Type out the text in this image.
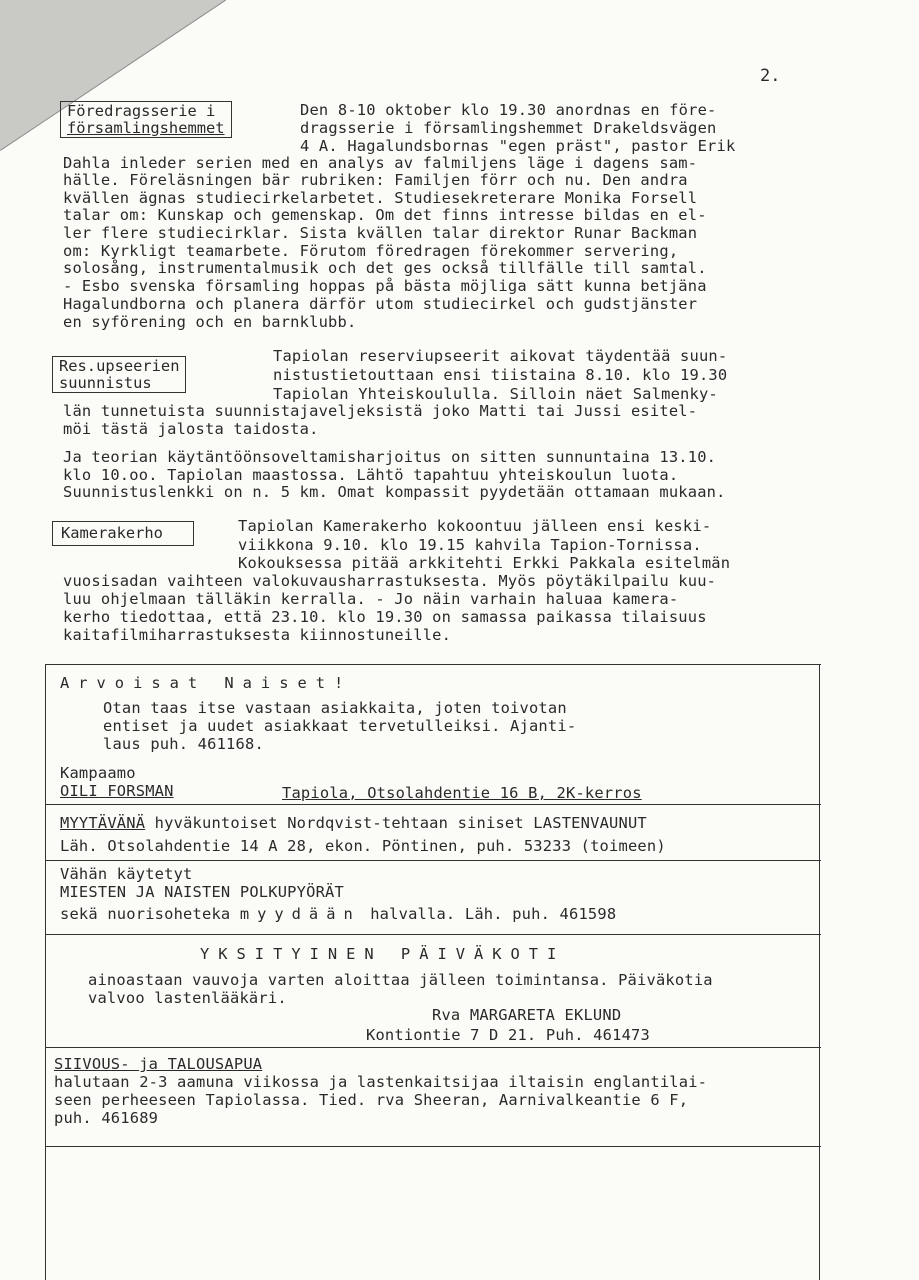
2.
Föredragsserie i
församlingshemmet
Den 8-10 oktober klo 19.30 anordnas en före-
dragsserie i församlingshemmet Drakeldsvägen
4 A. Hagalundsbornas "egen präst", pastor Erik
Dahla inleder serien med en analys av falmiljens läge i dagens sam-
hälle. Föreläsningen bär rubriken: Familjen förr och nu. Den andra
kvällen ägnas studiecirkelarbetet. Studiesekreterare Monika Forsell
talar om: Kunskap och gemenskap. Om det finns intresse bildas en el-
ler flere studiecirklar. Sista kvällen talar direktor Runar Backman
om: Kyrkligt teamarbete. Förutom föredragen förekommer servering,
solosång, instrumentalmusik och det ges också tillfälle till samtal.
- Esbo svenska församling hoppas på bästa möjliga sätt kunna betjäna
Hagalundborna och planera därför utom studiecirkel och gudstjänster
en syförening och en barnklubb.
Res.upseerien
suunnistus
Tapiolan reserviupseerit aikovat täydentää suun-
nistustietouttaan ensi tiistaina 8.10. klo 19.30
Tapiolan Yhteiskoululla. Silloin näet Salmenky-
län tunnetuista suunnistajaveljeksistä joko Matti tai Jussi esitel-
möi tästä jalosta taidosta.
Ja teorian käytäntöönsoveltamisharjoitus on sitten sunnuntaina 13.10.
klo 10.oo. Tapiolan maastossa. Lähtö tapahtuu yhteiskoulun luota.
Suunnistuslenkki on n. 5 km. Omat kompassit pyydetään ottamaan mukaan.
Kamerakerho	Tapiolan Kamerakerho kokoontuu jälleen ensi keski-
viikkona 9.10. klo 19.15 kahvila Tapion-Tornissa.
Kokouksessa pitää arkkitehti Erkki Pakkala esitelmän
vuosisadan vaihteen valokuvausharrastuksesta. Myös pöytäkilpailu kuu-
luu ohjelmaan tälläkin kerralla. - Jo näin varhain haluaa kamera-
kerho tiedottaa, että 23.10. klo 19.30 on samassa paikassa tilaisuus
kaitafilmiharrastuksesta kiinnostuneille.
Arvoisat Naiset!
Otan taas itse vastaan asiakkaita, joten toivotan
entiset ja uudet asiakkaat tervetulleiksi. Ajanti-
laus puh. 461168.
Kampaamo
OILI FORSMAN	Tapiola, Otsolahdentie 16 B, 2K-kerros
MYYTÄVÄNÄ hyväkuntoiset Nordqvist-tehtaan siniset LASTENVAUNUT
Läh. Otsolahdentie 14 A 28, ekon. Pöntinen, puh. 53233 (toimeen)
Vähän käytetyt
MIESTEN JA NAISTEN POLKUPYÖRÄT
sekä nuorisoheteka myydään halvalla. Läh. puh. 461598
YKSITYINEN PÄIVÄKOTI
ainoastaan vauvoja varten aloittaa jälleen toimintansa. Päiväkotia
valvoo lastenlääkäri.
Rva MARGARETA EKLUND
Kontiontie 7 D 21. Puh. 461473
SIIVOUS- ja TALOUSAPUA
halutaan 2-3 aamuna viikossa ja lastenkaitsijaa iltaisin englantilai-
seen perheeseen Tapiolassa. Tied. rva Sheeran, Aarnivalkeantie 6 F,
puh. 461689
